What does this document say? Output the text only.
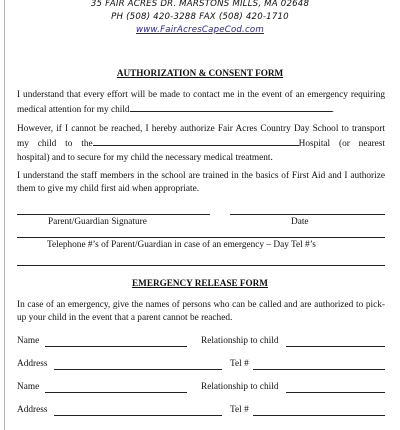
35 FAIR ACRES DR. MARSTONS MILLS, MA 02648
PH (508) 420-3288 FAX (508) 420-1710
www.FairAcresCapeCod.com
AUTHORIZATION & CONSENT FORM
I understand that every effort will be made to contact me in the event of an emergency requiring medical attention for my child	.
However, if I cannot be reached, I hereby authorize Fair Acres Country Day School to transport my child to the	Hospital (or nearest hospital) and to secure for my child the necessary medical treatment.
I understand the staff members in the school are trained in the basics of First Aid and I authorize them to give my child first aid when appropriate.
Parent/Guardian Signature	Date
Telephone #’s of Parent/Guardian in case of an emergency – Day Tel #’s
EMERGENCY RELEASE FORM
In case of an emergency, give the names of persons who can be called and are authorized to pick-up your child in the event that a parent cannot be reached.
Name	Relationship to child
Address	Tel #
Name	Relationship to child
Address	Tel #
